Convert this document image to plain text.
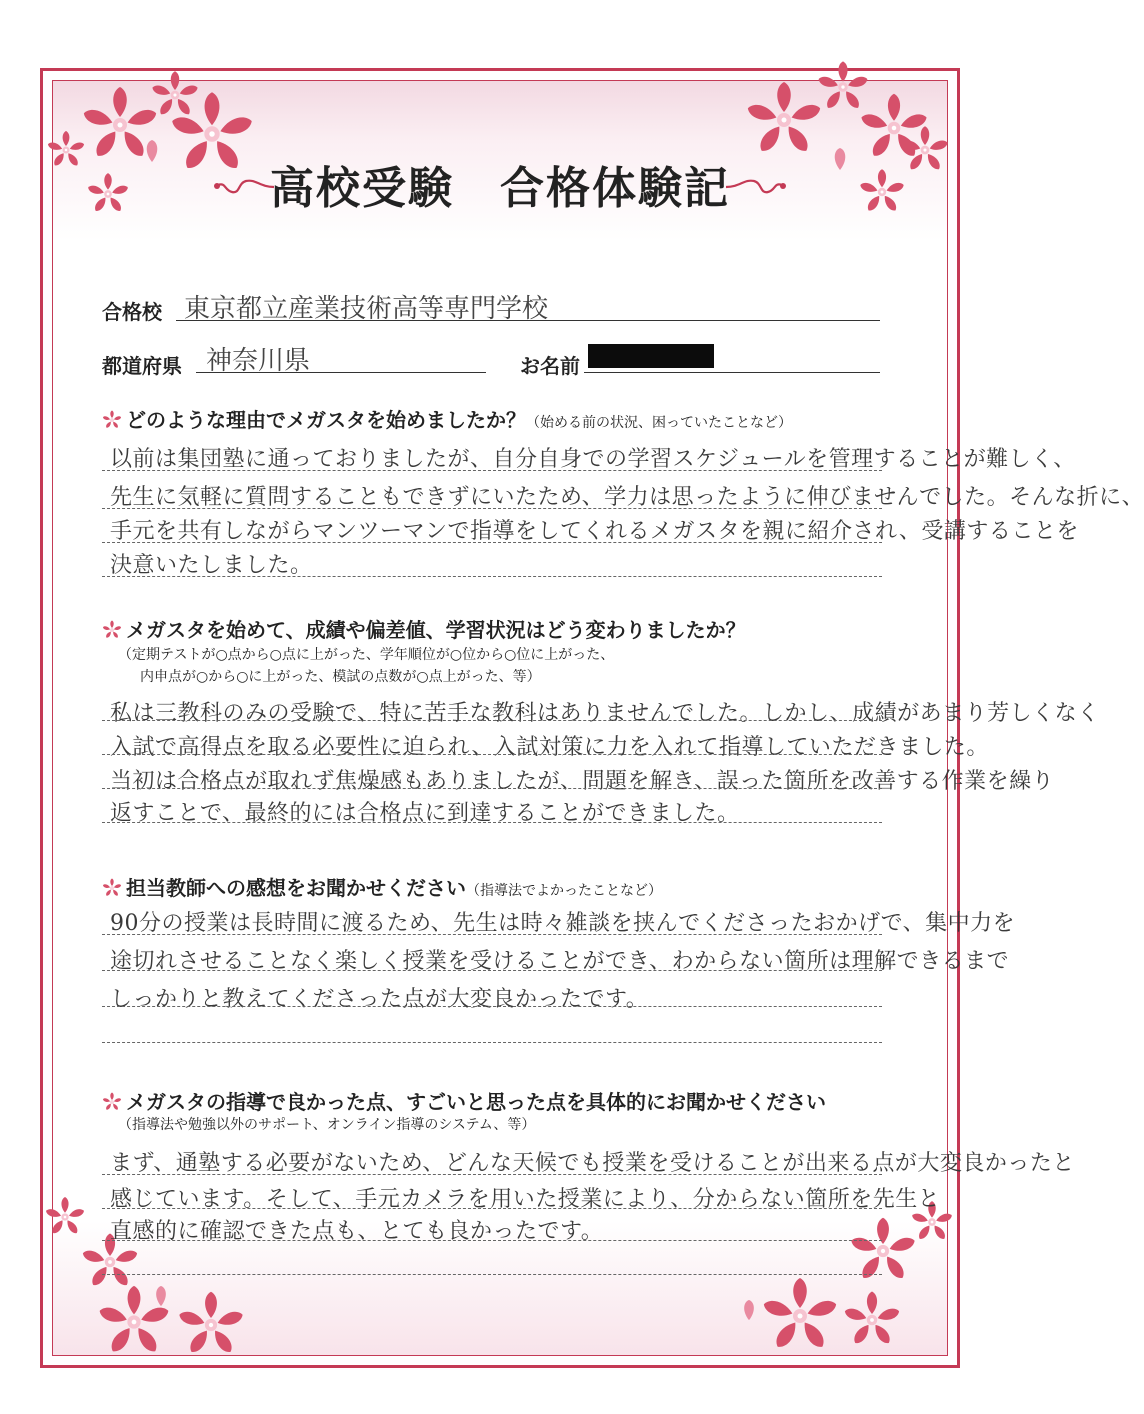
高校受験　合格体験記
合格校 東京都立産業技術高等専門学校
都道府県 神奈川県	お名前
どのような理由でメガスタを始めましたか？（始める前の状況、困っていたことなど）
以前は集団塾に通っておりましたが、自分自身での学習スケジュールを管理することが難しく、
先生に気軽に質問することもできずにいたため、学力は思ったように伸びませんでした。そんな折に、
手元を共有しながらマンツーマンで指導をしてくれるメガスタを親に紹介され、受講することを
決意いたしました。
メガスタを始めて、成績や偏差値、学習状況はどう変わりましたか？
（定期テストが○点から○点に上がった、学年順位が○位から○位に上がった、
内申点が○から○に上がった、模試の点数が○点上がった、等）
私は三教科のみの受験で、特に苦手な教科はありませんでした。しかし、成績があまり芳しくなく
入試で高得点を取る必要性に迫られ、入試対策に力を入れて指導していただきました。
当初は合格点が取れず焦燥感もありましたが、問題を解き、誤った箇所を改善する作業を繰り
返すことで、最終的には合格点に到達することができました。
担当教師への感想をお聞かせください（指導法でよかったことなど）
90分の授業は長時間に渡るため、先生は時々雑談を挟んでくださったおかげで、集中力を
途切れさせることなく楽しく授業を受けることができ、わからない箇所は理解できるまで
しっかりと教えてくださった点が大変良かったです。
メガスタの指導で良かった点、すごいと思った点を具体的にお聞かせください
（指導法や勉強以外のサポート、オンライン指導のシステム、等）
まず、通塾する必要がないため、どんな天候でも授業を受けることが出来る点が大変良かったと
感じています。そして、手元カメラを用いた授業により、分からない箇所を先生と
直感的に確認できた点も、とても良かったです。
